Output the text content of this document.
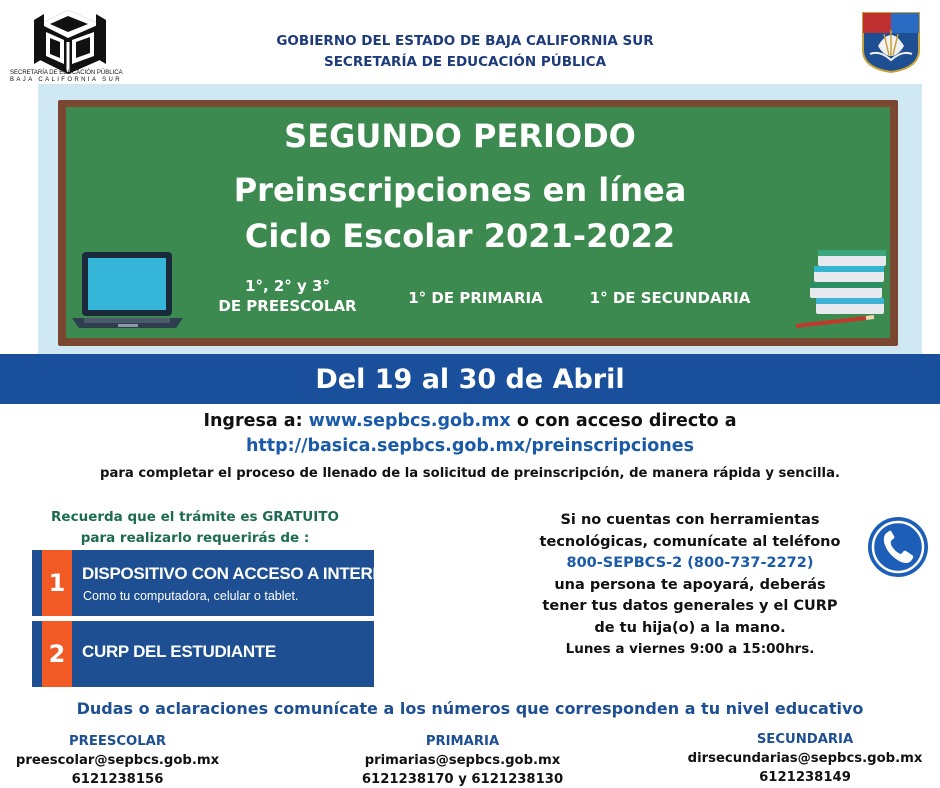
SECRETARÍA DE EDUCACIÓN PÚBLICA
BAJA CALIFORNIA SUR
GOBIERNO DEL ESTADO DE BAJA CALIFORNIA SUR
SECRETARÍA DE EDUCACIÓN PÚBLICA
SEGUNDO PERIODO
Preinscripciones en línea
Ciclo Escolar 2021-2022
1°, 2° y 3°
DE PREESCOLAR	1° DE PRIMARIA	1° DE SECUNDARIA
Del 19 al 30 de Abril
Ingresa a: www.sepbcs.gob.mx o con acceso directo a
http://basica.sepbcs.gob.mx/preinscripciones
para completar el proceso de llenado de la solicitud de preinscripción, de manera rápida y sencilla.
Recuerda que el trámite es GRATUITO
para realizarlo requerirás de :
1 DISPOSITIVO CON ACCESO A INTERNET
Como tu computadora, celular o tablet.
2 CURP DEL ESTUDIANTE
Si no cuentas con herramientas
tecnológicas, comunícate al teléfono
800-SEPBCS-2 (800-737-2272)
una persona te apoyará, deberás
tener tus datos generales y el CURP
de tu hija(o) a la mano.
Lunes a viernes 9:00 a 15:00hrs.
Dudas o aclaraciones comunícate a los números que corresponden a tu nivel educativo
PREESCOLAR
preescolar@sepbcs.gob.mx
6121238156
PRIMARIA
primarias@sepbcs.gob.mx
6121238170 y 6121238130
SECUNDARIA
dirsecundarias@sepbcs.gob.mx
6121238149
